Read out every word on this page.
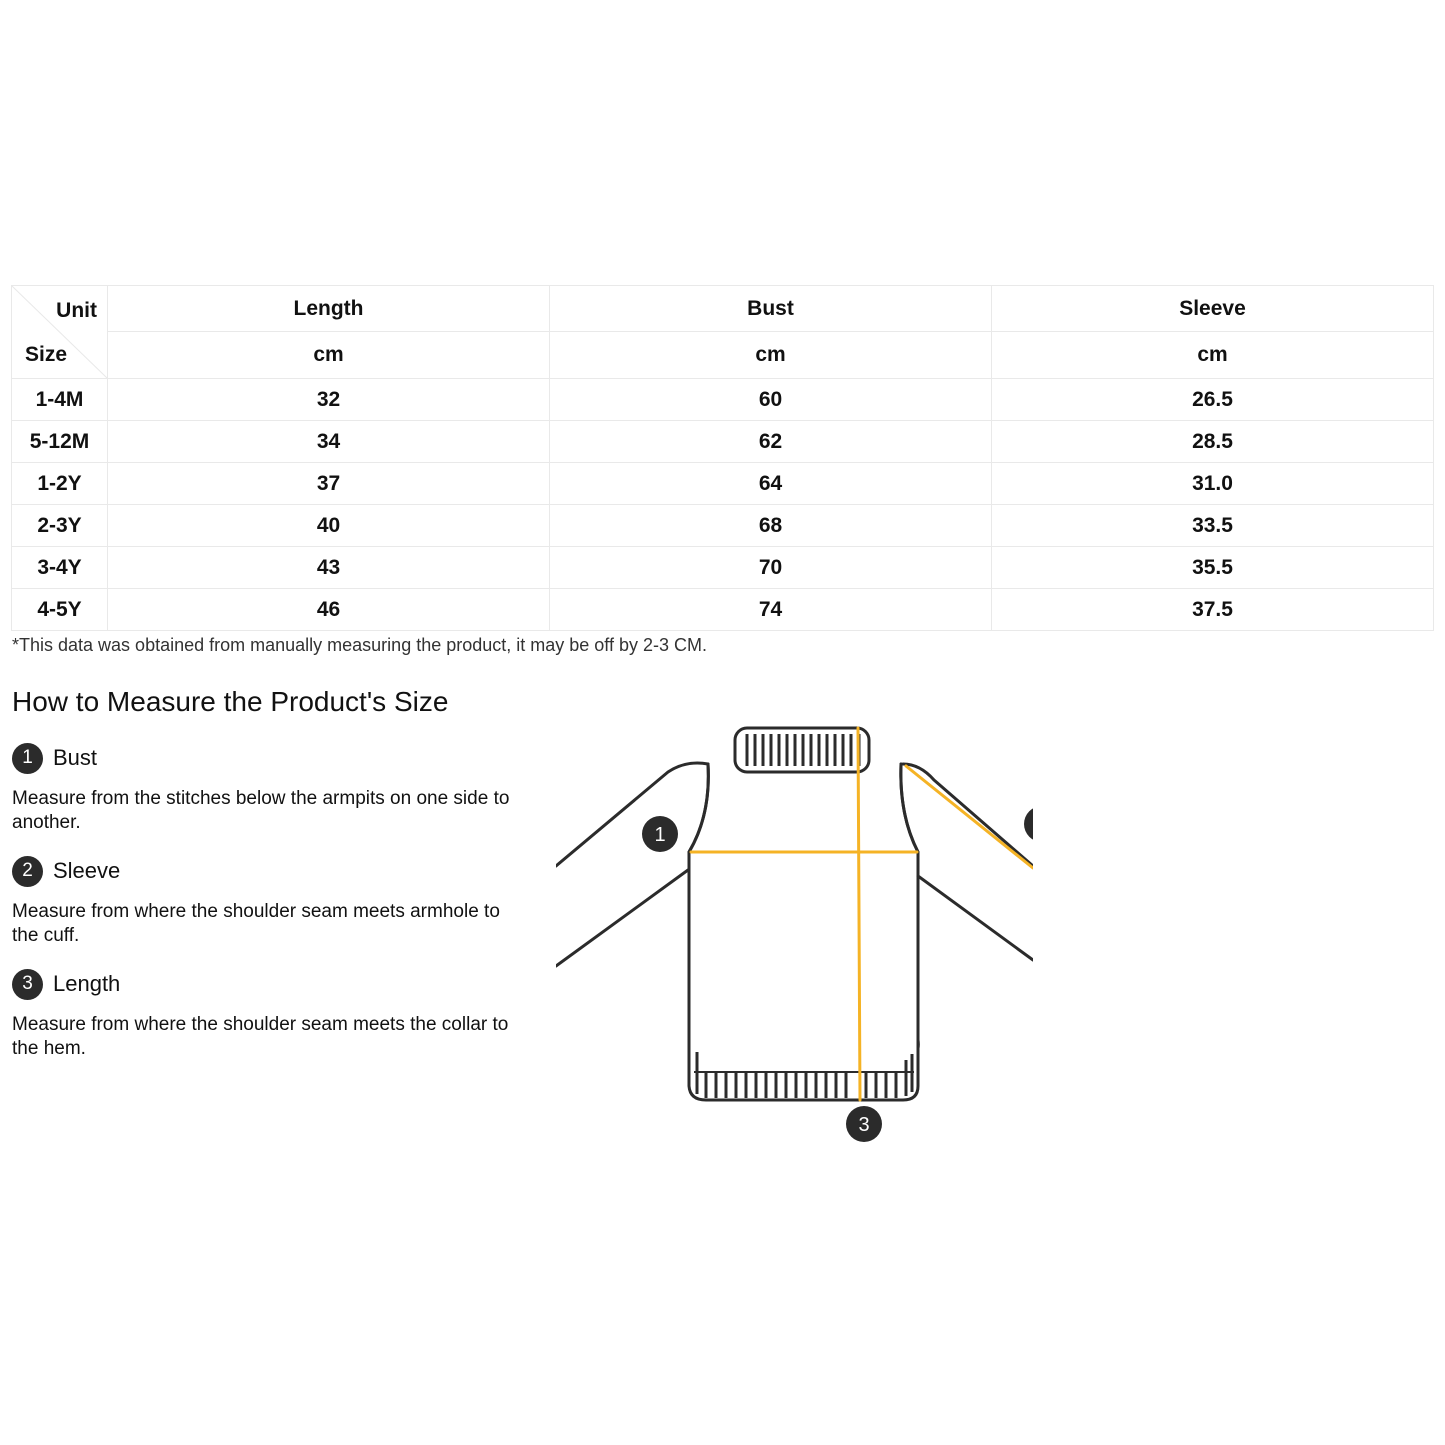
Unit
Size	Length	Bust	Sleeve
	cm	cm	cm
1-4M	32	60	26.5
5-12M	34	62	28.5
1-2Y	37	64	31.0
2-3Y	40	68	33.5
3-4Y	43	70	35.5
4-5Y	46	74	37.5
*This data was obtained from manually measuring the product, it may be off by 2-3 CM.
How to Measure the Product's Size
1 Bust
Measure from the stitches below the armpits on one side to another.
2 Sleeve
Measure from where the shoulder seam meets armhole to the cuff.
3 Length
Measure from where the shoulder seam meets the collar to the hem.
1
3
